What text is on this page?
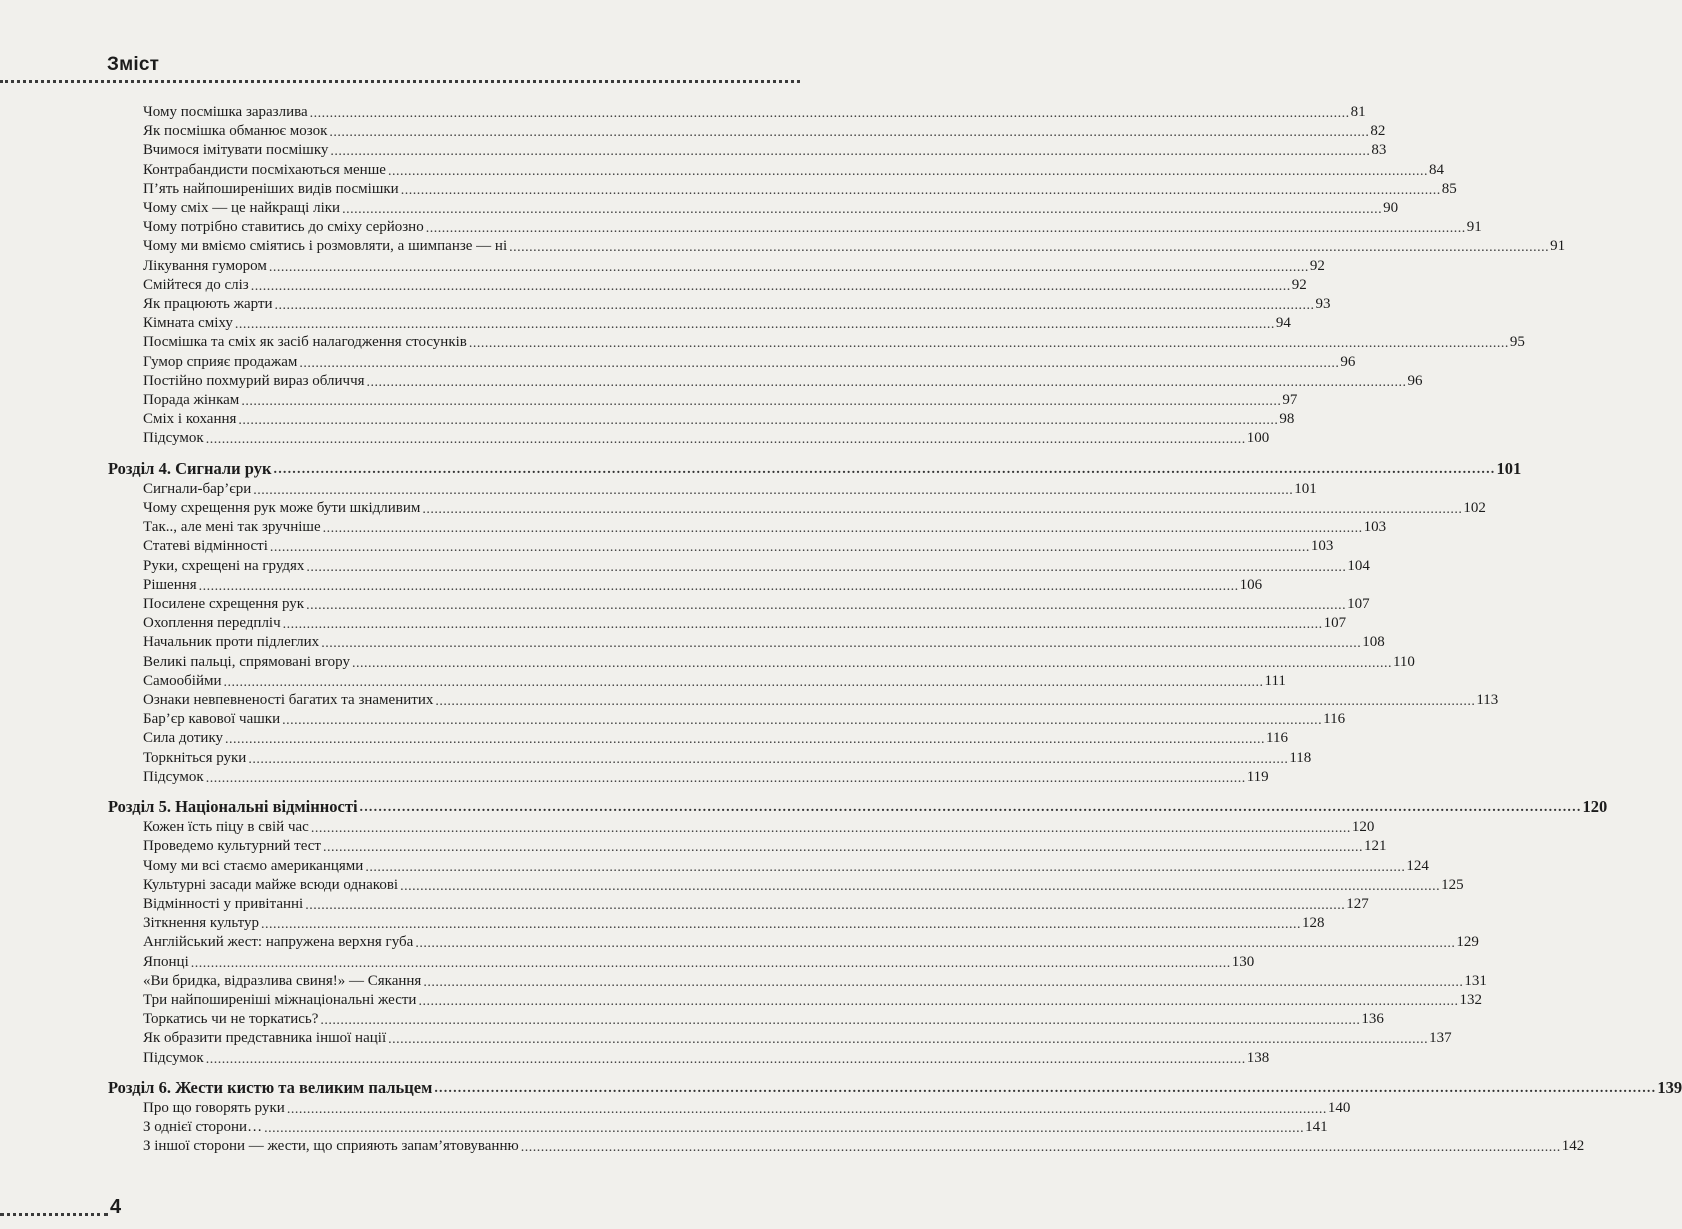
Зміст
Чому посмішка заразлива .................................................................................................................................................................................................................................................................... 81
Як посмішка обманює мозок .................................................................................................................................................................................................................................................................... 82
Вчимося імітувати посмішку .................................................................................................................................................................................................................................................................... 83
Контрабандисти посміхаються менше .................................................................................................................................................................................................................................................................... 84
П’ять найпоширеніших видів посмішки .................................................................................................................................................................................................................................................................... 85
Чому сміх — це найкращі ліки .................................................................................................................................................................................................................................................................... 90
Чому потрібно ставитись до сміху серйозно .................................................................................................................................................................................................................................................................... 91
Чому ми вміємо сміятись і розмовляти, а шимпанзе — ні .................................................................................................................................................................................................................................................................... 91
Лікування гумором .................................................................................................................................................................................................................................................................... 92
Смійтеся до сліз .................................................................................................................................................................................................................................................................... 92
Як працюють жарти .................................................................................................................................................................................................................................................................... 93
Кімната сміху .................................................................................................................................................................................................................................................................... 94
Посмішка та сміх як засіб налагодження стосунків .................................................................................................................................................................................................................................................................... 95
Гумор сприяє продажам .................................................................................................................................................................................................................................................................... 96
Постійно похмурий вираз обличчя .................................................................................................................................................................................................................................................................... 96
Порада жінкам .................................................................................................................................................................................................................................................................... 97
Сміх і кохання .................................................................................................................................................................................................................................................................... 98
Підсумок .................................................................................................................................................................................................................................................................... 100
Розділ 4. Сигнали рук .................................................................................................................................................................................................................................................................... 101
Сигнали-бар’єри .................................................................................................................................................................................................................................................................... 101
Чому схрещення рук може бути шкідливим .................................................................................................................................................................................................................................................................... 102
Так.., але мені так зручніше .................................................................................................................................................................................................................................................................... 103
Статеві відмінності .................................................................................................................................................................................................................................................................... 103
Руки, схрещені на грудях .................................................................................................................................................................................................................................................................... 104
Рішення .................................................................................................................................................................................................................................................................... 106
Посилене схрещення рук .................................................................................................................................................................................................................................................................... 107
Охоплення передпліч .................................................................................................................................................................................................................................................................... 107
Начальник проти підлеглих .................................................................................................................................................................................................................................................................... 108
Великі пальці, спрямовані вгору .................................................................................................................................................................................................................................................................... 110
Самообійми .................................................................................................................................................................................................................................................................... 111
Ознаки невпевненості багатих та знаменитих .................................................................................................................................................................................................................................................................... 113
Бар’єр кавової чашки .................................................................................................................................................................................................................................................................... 116
Сила дотику .................................................................................................................................................................................................................................................................... 116
Торкніться руки .................................................................................................................................................................................................................................................................... 118
Підсумок .................................................................................................................................................................................................................................................................... 119
Розділ 5. Національні відмінності .................................................................................................................................................................................................................................................................... 120
Кожен їсть піцу в свій час .................................................................................................................................................................................................................................................................... 120
Проведемо культурний тест .................................................................................................................................................................................................................................................................... 121
Чому ми всі стаємо американцями .................................................................................................................................................................................................................................................................... 124
Культурні засади майже всюди однакові .................................................................................................................................................................................................................................................................... 125
Відмінності у привітанні .................................................................................................................................................................................................................................................................... 127
Зіткнення культур .................................................................................................................................................................................................................................................................... 128
Англійський жест: напружена верхня губа .................................................................................................................................................................................................................................................................... 129
Японці .................................................................................................................................................................................................................................................................... 130
«Ви бридка, відразлива свиня!» — Сякання .................................................................................................................................................................................................................................................................... 131
Три найпоширеніші міжнаціональні жести .................................................................................................................................................................................................................................................................... 132
Торкатись чи не торкатись? .................................................................................................................................................................................................................................................................... 136
Як образити представника іншої нації .................................................................................................................................................................................................................................................................... 137
Підсумок .................................................................................................................................................................................................................................................................... 138
Розділ 6. Жести кистю та великим пальцем .................................................................................................................................................................................................................................................................... 139
Про що говорять руки .................................................................................................................................................................................................................................................................... 140
З однієї сторони… .................................................................................................................................................................................................................................................................... 141
З іншої сторони — жести, що сприяють запам’ятовуванню .................................................................................................................................................................................................................................................................... 142
4
